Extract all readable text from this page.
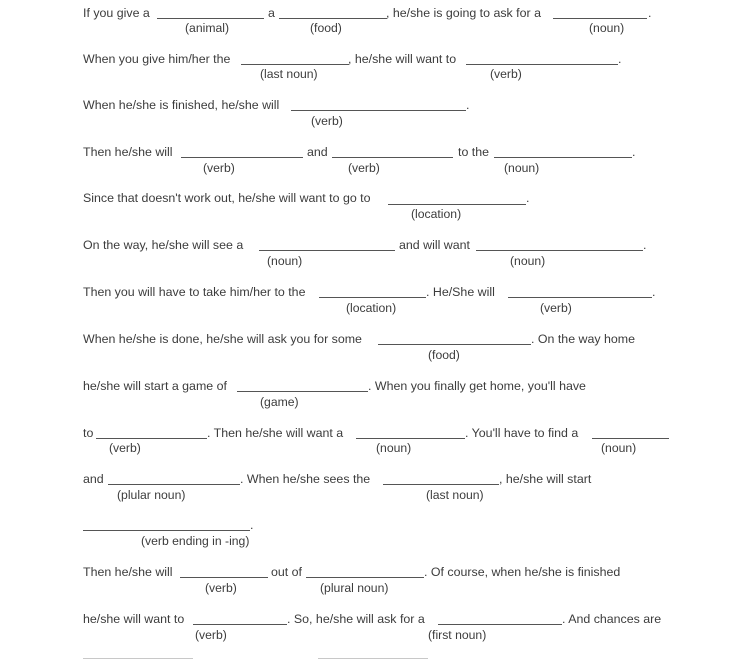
If you give a
(animal)
a
(food)
, he/she is going to ask for a
(noun)
.
When you give him/her the
(last noun)
, he/she will want to
(verb)
.
When he/she is finished, he/she will
(verb)
.
Then he/she will
(verb)
and
(verb)
to the
(noun)
.
Since that doesn't work out, he/she will want to go to
(location)
.
On the way, he/she will see a
(noun)
and will want
(noun)
.
Then you will have to take him/her to the
(location)
. He/She will
(verb)
.
When he/she is done, he/she will ask you for some
(food)
. On the way home
he/she will start a game of
(game)
. When you finally get home, you'll have
to
(verb)
. Then he/she will want a
(noun)
. You'll have to find a
(noun)
and
(plular noun)
. When he/she sees the
(last noun)
, he/she will start
(verb ending in -ing)
.
Then he/she will
(verb)
out of
(plural noun)
. Of course, when he/she is finished
he/she will want to
(verb)
. So, he/she will ask for a
(first noun)
. And chances are
